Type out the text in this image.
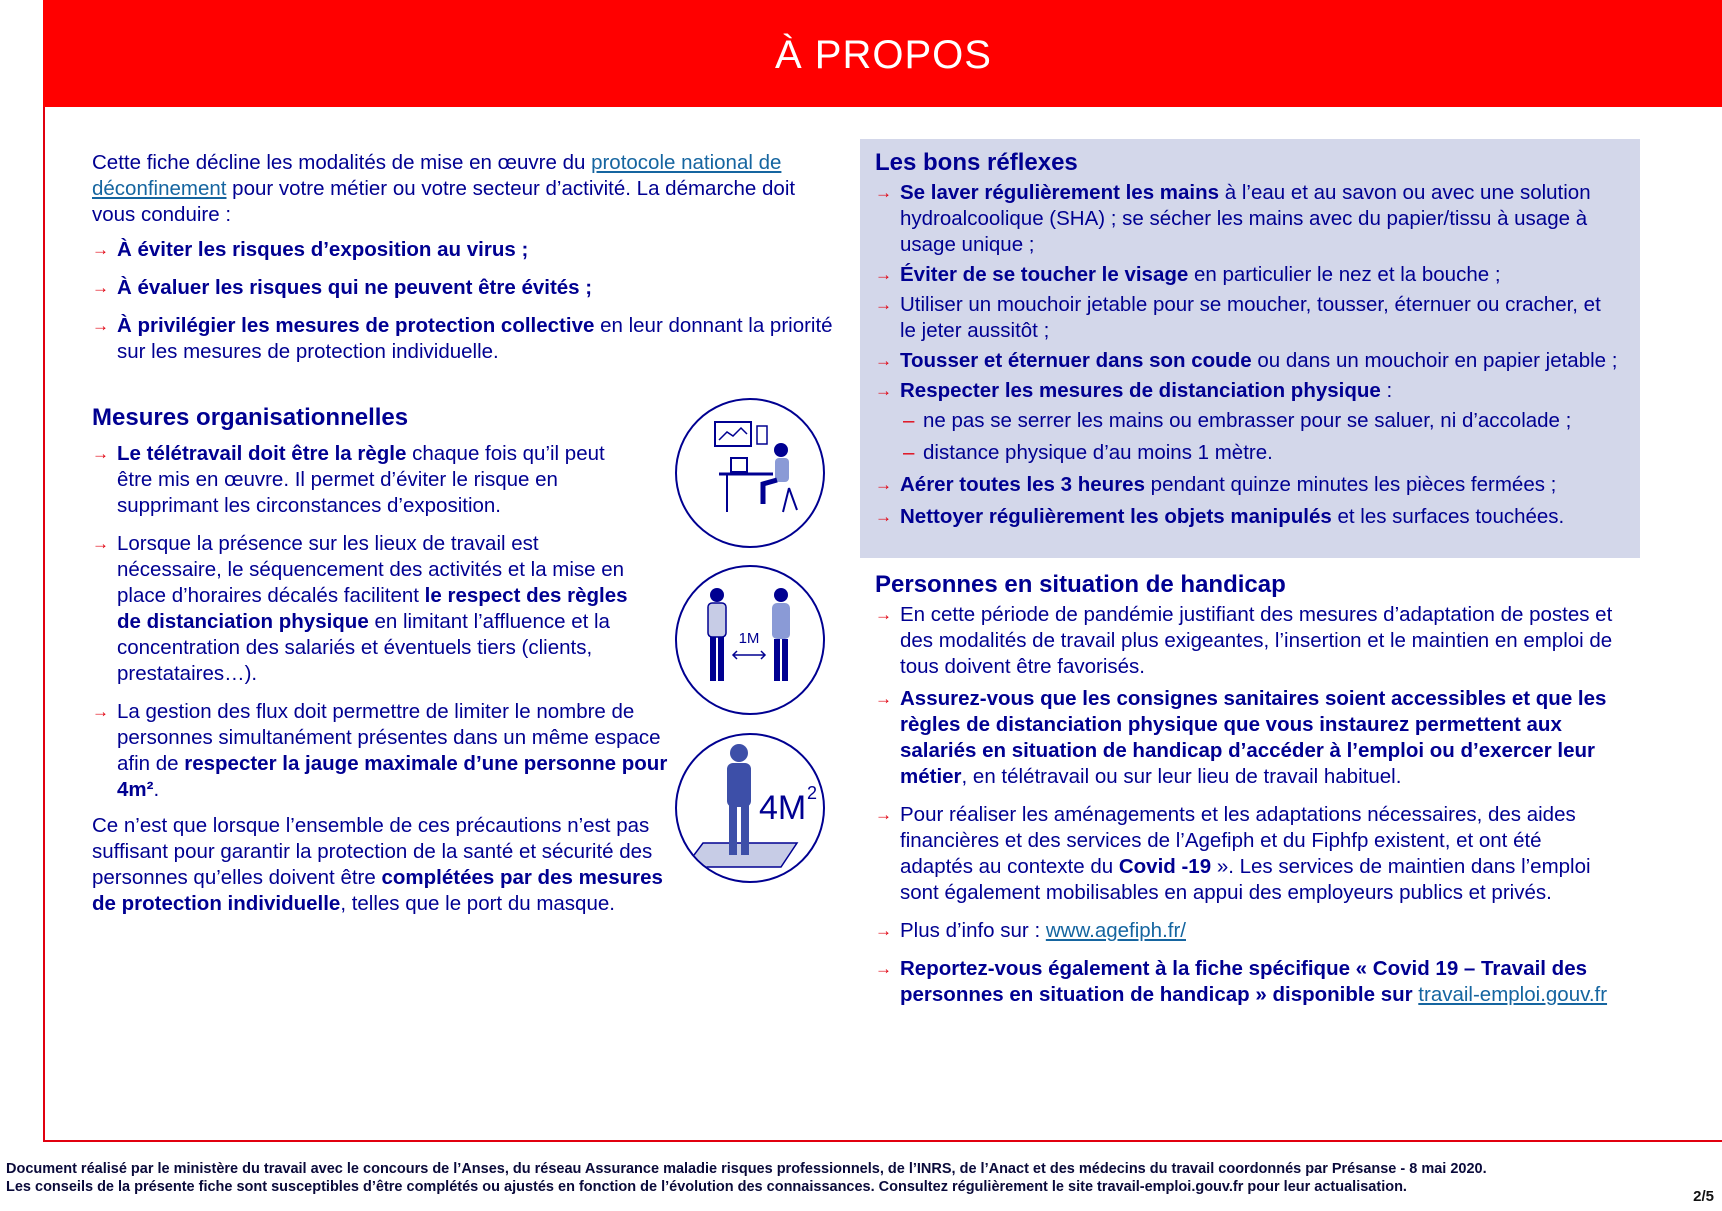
À PROPOS

Cette fiche décline les modalités de mise en œuvre du protocole national de déconfinement pour votre métier ou votre secteur d’activité. La démarche doit vous conduire :

→ À éviter les risques d’exposition au virus ;
→ À évaluer les risques qui ne peuvent être évités ;
→ À privilégier les mesures de protection collective en leur donnant la priorité sur les mesures de protection individuelle.
Mesures organisationnelles
→ Le télétravail doit être la règle chaque fois qu’il peut être mis en œuvre. Il permet d’éviter le risque en supprimant les circonstances d’exposition.
→ Lorsque la présence sur les lieux de travail est nécessaire, le séquencement des activités et la mise en place d’horaires décalés facilitent le respect des règles de distanciation physique en limitant l’affluence et la concentration des salariés et éventuels tiers (clients, prestataires…).
→ La gestion des flux doit permettre de limiter le nombre de personnes simultanément présentes dans un même espace afin de respecter la jauge maximale d’une personne pour 4m².

Ce n’est que lorsque l’ensemble de ces précautions n’est pas suffisant pour garantir la protection de la santé et sécurité des personnes qu’elles doivent être complétées par des mesures de protection individuelle, telles que le port du masque.

1M
4M 2
Les bons réflexes
→ Se laver régulièrement les mains à l’eau et au savon ou avec une solution hydroalcoolique (SHA) ; se sécher les mains avec du papier/tissu à usage à usage unique ;
→ Éviter de se toucher le visage en particulier le nez et la bouche ;
→ Utiliser un mouchoir jetable pour se moucher, tousser, éternuer ou cracher, et le jeter aussitôt ;
→ Tousser et éternuer dans son coude ou dans un mouchoir en papier jetable ;
→ Respecter les mesures de distanciation physique :
– ne pas se serrer les mains ou embrasser pour se saluer, ni d’accolade ;
– distance physique d’au moins 1 mètre.
→ Aérer toutes les 3 heures pendant quinze minutes les pièces fermées ;
→ Nettoyer régulièrement les objets manipulés et les surfaces touchées.
Personnes en situation de handicap
→ En cette période de pandémie justifiant des mesures d’adaptation de postes et des modalités de travail plus exigeantes, l’insertion et le maintien en emploi de tous doivent être favorisés.
→ Assurez-vous que les consignes sanitaires soient accessibles et que les règles de distanciation physique que vous instaurez permettent aux salariés en situation de handicap d’accéder à l’emploi ou d’exercer leur métier, en télétravail ou sur leur lieu de travail habituel.
→ Pour réaliser les aménagements et les adaptations nécessaires, des aides financières et des services de l’Agefiph et du Fiphfp existent, et ont été adaptés au contexte du Covid -19 ». Les services de maintien dans l’emploi sont également mobilisables en appui des employeurs publics et privés.
→ Plus d’info sur : www.agefiph.fr/
→ Reportez-vous également à la fiche spécifique « Covid 19 – Travail des personnes en situation de handicap » disponible sur travail-emploi.gouv.fr
Document réalisé par le ministère du travail avec le concours de l’Anses, du réseau Assurance maladie risques professionnels, de l’INRS, de l’Anact et des médecins du travail coordonnés par Présanse - 8 mai 2020.
Les conseils de la présente fiche sont susceptibles d’être complétés ou ajustés en fonction de l’évolution des connaissances. Consultez régulièrement le site travail-emploi.gouv.fr pour leur actualisation.
2/5
